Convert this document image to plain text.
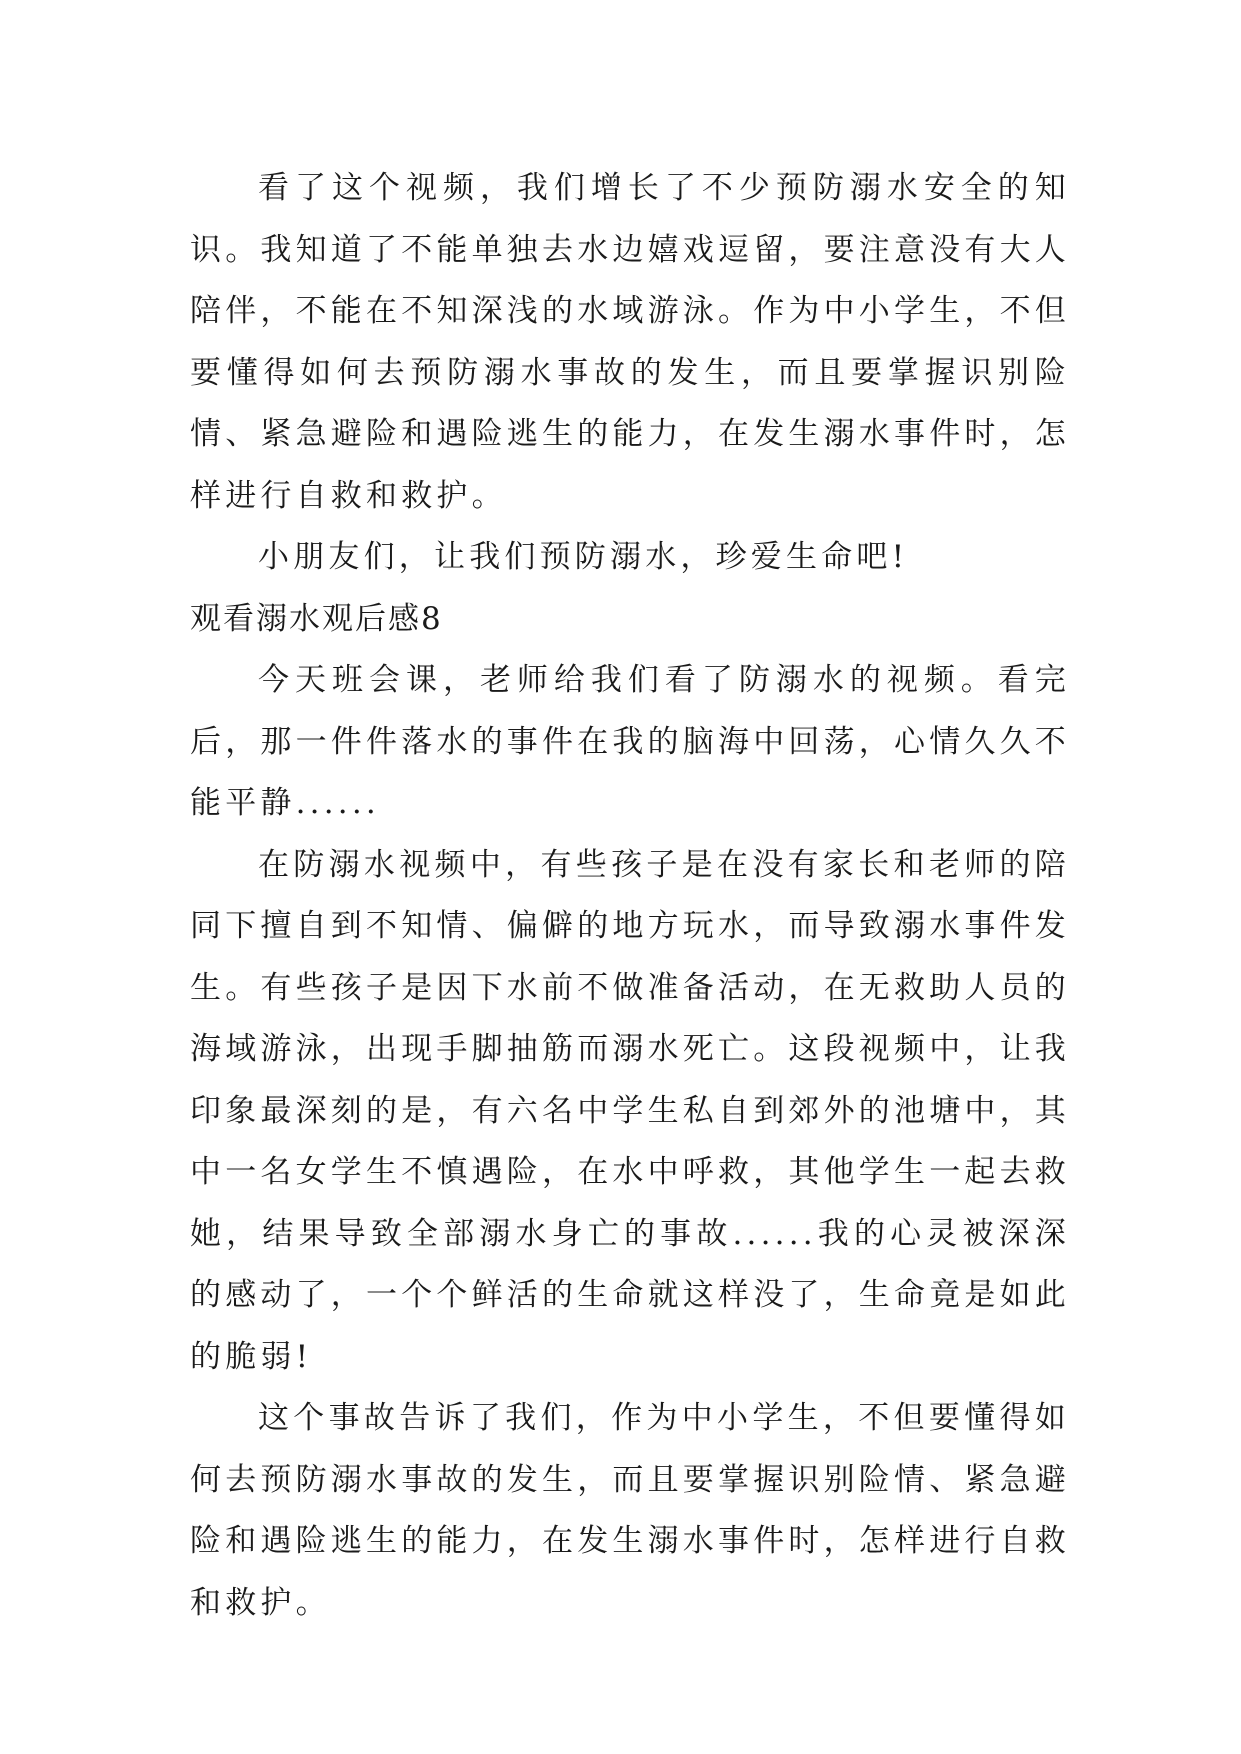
看了这个视频，我们增长了不少预防溺水安全的知识。我知道了不能单独去水边嬉戏逗留，要注意没有大人陪伴，不能在不知深浅的水域游泳。作为中小学生，不但要懂得如何去预防溺水事故的发生，而且要掌握识别险情、紧急避险和遇险逃生的能力，在发生溺水事件时，怎样进行自救和救护。

小朋友们，让我们预防溺水，珍爱生命吧!

观看溺水观后感8

今天班会课，老师给我们看了防溺水的视频。看完后，那一件件落水的事件在我的脑海中回荡，心情久久不能平静......

在防溺水视频中，有些孩子是在没有家长和老师的陪同下擅自到不知情、偏僻的地方玩水，而导致溺水事件发生。有些孩子是因下水前不做准备活动，在无救助人员的海域游泳，出现手脚抽筋而溺水死亡。这段视频中，让我印象最深刻的是，有六名中学生私自到郊外的池塘中，其中一名女学生不慎遇险，在水中呼救，其他学生一起去救她，结果导致全部溺水身亡的事故......我的心灵被深深的感动了，一个个鲜活的生命就这样没了，生命竟是如此的脆弱!

这个事故告诉了我们，作为中小学生，不但要懂得如何去预防溺水事故的发生，而且要掌握识别险情、紧急避险和遇险逃生的能力，在发生溺水事件时，怎样进行自救和救护。
